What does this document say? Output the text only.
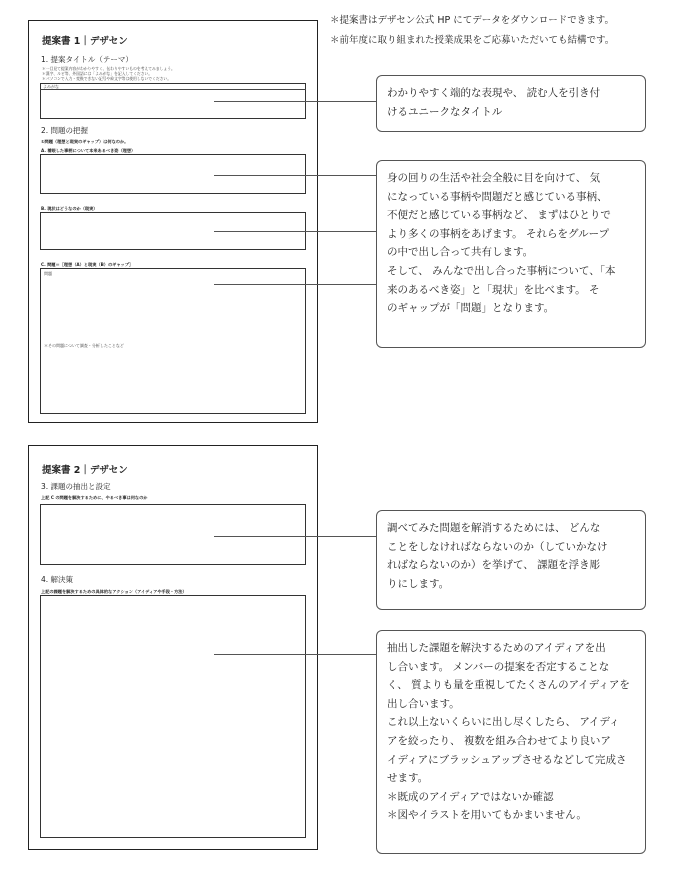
＊提案書はデザセン公式 HP にてデータをダウンロードできます。
＊前年度に取り組まれた授業成果をご応募いただいても結構です。
提案書 1｜デザセン
1. 提案タイトル（テーマ）
＊一目見て提案内容がわかりやすく、伝わりやすいものを考えてみましょう。
＊漢字、ルビ等、外国語には「よみがな」を記入してください。
＊パソコンで入力・変換できない記号や絵文字等は使用しないでください。
よみがな
2. 問題の把握
①問題（理想と現実のギャップ）は何なのか。
A. 着眼した事柄について本来あるべき姿（理想）
B. 現状はどうなのか（現実）
C. 問題＝［理想（A）と現実（B）のギャップ］
問題
＊その問題について調査・分析したことなど
提案書 2｜デザセン
3. 課題の抽出と設定
上記 C の問題を解決するために、やるべき事は何なのか
4. 解決策
上記の課題を解決するための具体的なアクション（アイディアや手段・方法）
わかりやすく端的な表現や、 読む人を引き付
けるユニークなタイトル
身の回りの生活や社会全般に目を向けて、 気
になっている事柄や問題だと感じている事柄、
不便だと感じている事柄など、 まずはひとりで
より多くの事柄をあげます。 それらをグループ
の中で出し合って共有します。
そして、 みんなで出し合った事柄について、「本
来のあるべき姿」と「現状」を比べます。 そ
のギャップが「問題」となります。
調べてみた問題を解消するためには、 どんな
ことをしなければならないのか（していかなけ
ればならないのか）を挙げて、 課題を浮き彫
りにします。
抽出した課題を解決するためのアイディアを出
し合います。 メンバーの提案を否定することな
く、 質よりも量を重視してたくさんのアイディアを
出し合います。
これ以上ないくらいに出し尽くしたら、 アイディ
アを絞ったり、 複数を組み合わせてより良いア
イディアにブラッシュアップさせるなどして完成さ
せます。
＊既成のアイディアではないか確認
＊図やイラストを用いてもかまいません。
